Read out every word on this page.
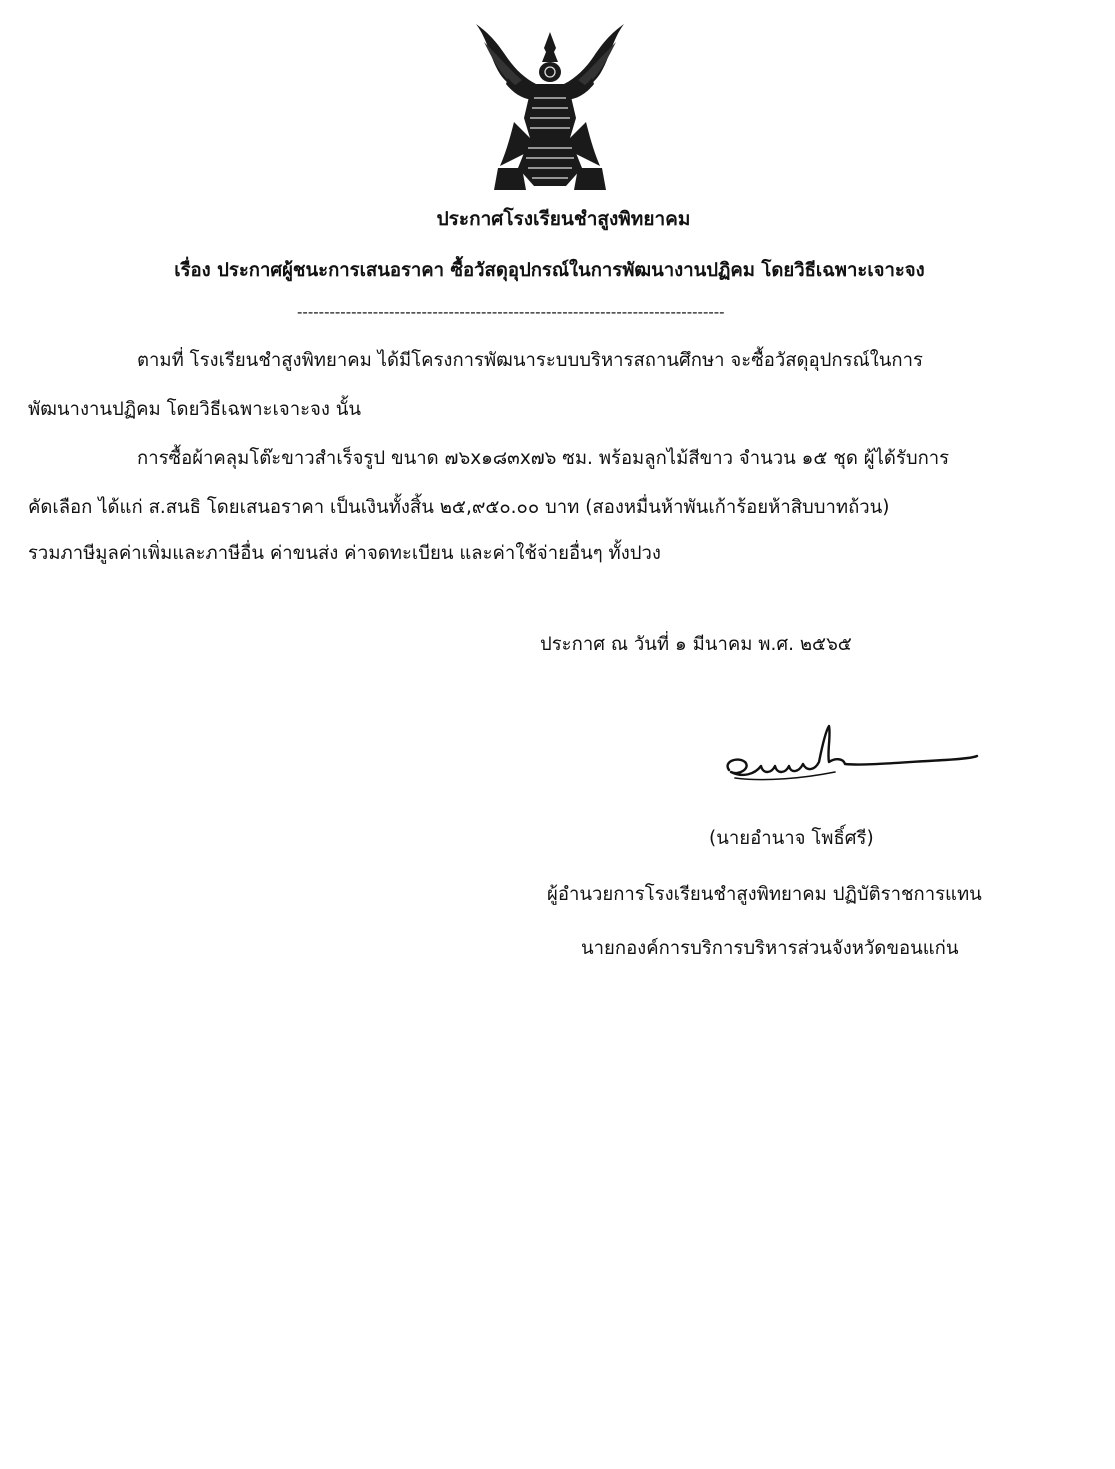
ประกาศโรงเรียนชำสูงพิทยาคม
เรื่อง ประกาศผู้ชนะการเสนอราคา ซื้อวัสดุอุปกรณ์ในการพัฒนางานปฏิคม โดยวิธีเฉพาะเจาะจง
-------------------------------------------------------------------------------
ตามที่ โรงเรียนชำสูงพิทยาคม ได้มีโครงการพัฒนาระบบบริหารสถานศึกษา จะซื้อวัสดุอุปกรณ์ในการ
พัฒนางานปฏิคม โดยวิธีเฉพาะเจาะจง นั้น
การซื้อผ้าคลุมโต๊ะขาวสำเร็จรูป ขนาด ๗๖x๑๘๓x๗๖ ซม. พร้อมลูกไม้สีขาว จำนวน ๑๕ ชุด ผู้ได้รับการ
คัดเลือก ได้แก่ ส.สนธิ โดยเสนอราคา เป็นเงินทั้งสิ้น ๒๕,๙๕๐.๐๐ บาท (สองหมื่นห้าพันเก้าร้อยห้าสิบบาทถ้วน)
รวมภาษีมูลค่าเพิ่มและภาษีอื่น ค่าขนส่ง ค่าจดทะเบียน และค่าใช้จ่ายอื่นๆ ทั้งปวง
ประกาศ ณ วันที่ ๑ มีนาคม พ.ศ. ๒๕๖๕
(นายอำนาจ โพธิ์ศรี)
ผู้อำนวยการโรงเรียนชำสูงพิทยาคม ปฏิบัติราชการแทน
นายกองค์การบริการบริหารส่วนจังหวัดขอนแก่น
